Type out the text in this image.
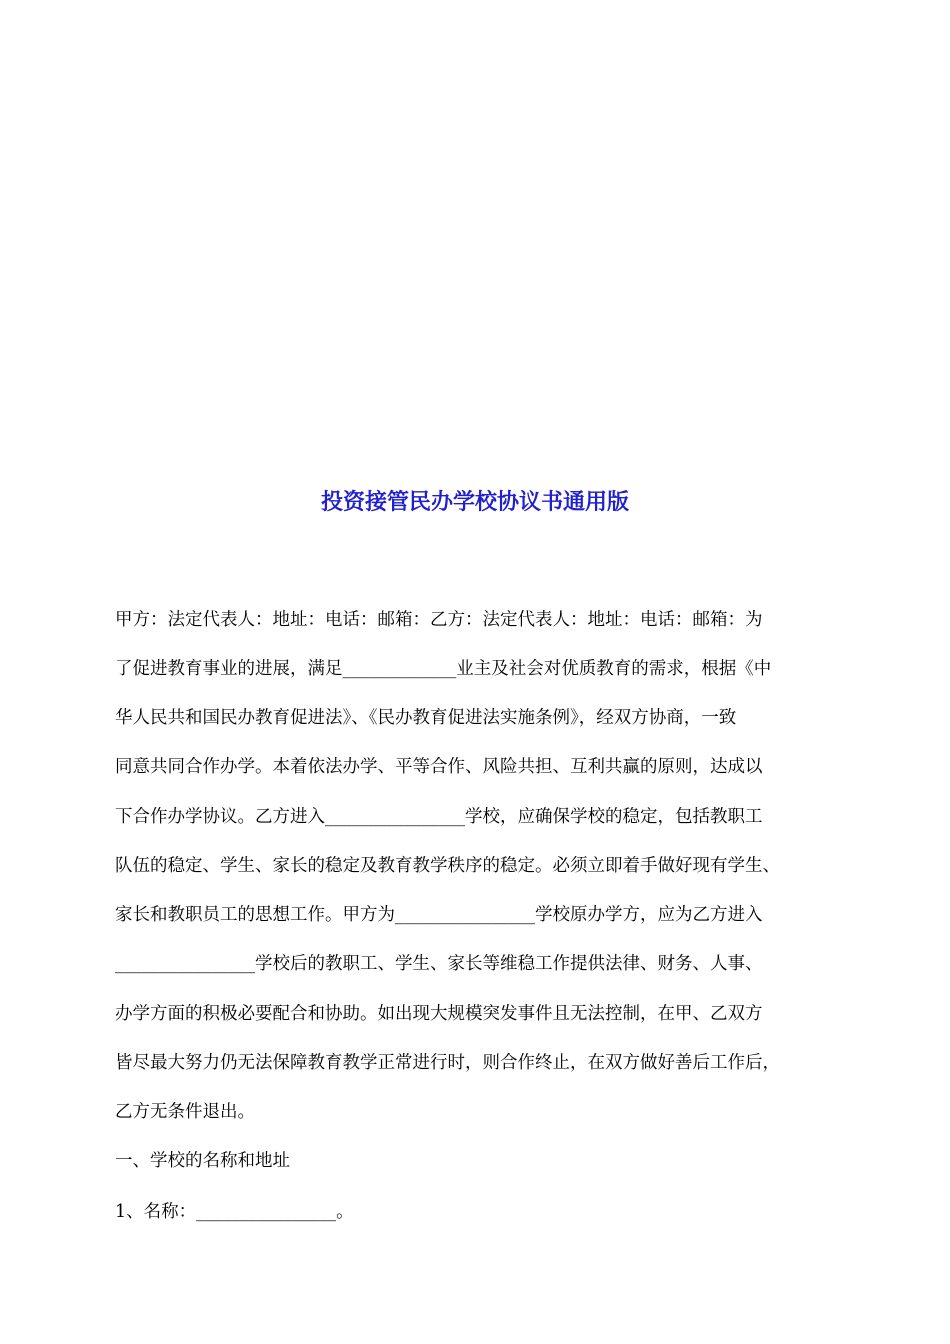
投资接管民办学校协议书通用版
甲方：法定代表人：地址：电话：邮箱：乙方：法定代表人：地址：电话：邮箱：为
了促进教育事业的进展，满足_____________业主及社会对优质教育的需求，根据《中
华人民共和国民办教育促进法》、《民办教育促进法实施条例》，经双方协商，一致
同意共同合作办学。本着依法办学、平等合作、风险共担、互利共赢的原则，达成以
下合作办学协议。乙方进入________________学校，应确保学校的稳定，包括教职工
队伍的稳定、学生、家长的稳定及教育教学秩序的稳定。必须立即着手做好现有学生、
家长和教职员工的思想工作。甲方为________________学校原办学方，应为乙方进入
________________学校后的教职工、学生、家长等维稳工作提供法律、财务、人事、
办学方面的积极必要配合和协助。如出现大规模突发事件且无法控制，在甲、乙双方
皆尽最大努力仍无法保障教育教学正常进行时，则合作终止，在双方做好善后工作后，
乙方无条件退出。
一、学校的名称和地址
1、名称：________________。
